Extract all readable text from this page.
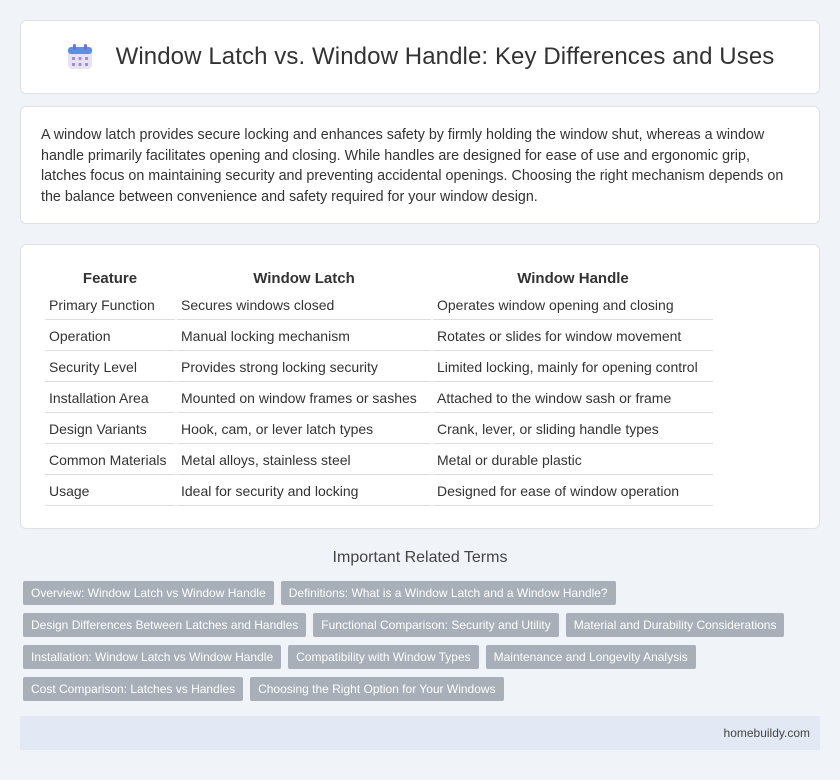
Window Latch vs. Window Handle: Key Differences and Uses

A window latch provides secure locking and enhances safety by firmly holding the window shut, whereas a window handle primarily facilitates opening and closing. While handles are designed for ease of use and ergonomic grip, latches focus on maintaining security and preventing accidental openings. Choosing the right mechanism depends on the balance between convenience and safety required for your window design.

Feature	Window Latch	Window Handle
Primary Function	Secures windows closed	Operates window opening and closing
Operation	Manual locking mechanism	Rotates or slides for window movement
Security Level	Provides strong locking security	Limited locking, mainly for opening control
Installation Area	Mounted on window frames or sashes	Attached to the window sash or frame
Design Variants	Hook, cam, or lever latch types	Crank, lever, or sliding handle types
Common Materials	Metal alloys, stainless steel	Metal or durable plastic
Usage	Ideal for security and locking	Designed for ease of window operation
Important Related Terms
Overview: Window Latch vs Window Handle	Definitions: What is a Window Latch and a Window Handle?
Design Differences Between Latches and Handles	Functional Comparison: Security and Utility	Material and Durability Considerations
Installation: Window Latch vs Window Handle	Compatibility with Window Types	Maintenance and Longevity Analysis
Cost Comparison: Latches vs Handles	Choosing the Right Option for Your Windows
homebuildy.com
